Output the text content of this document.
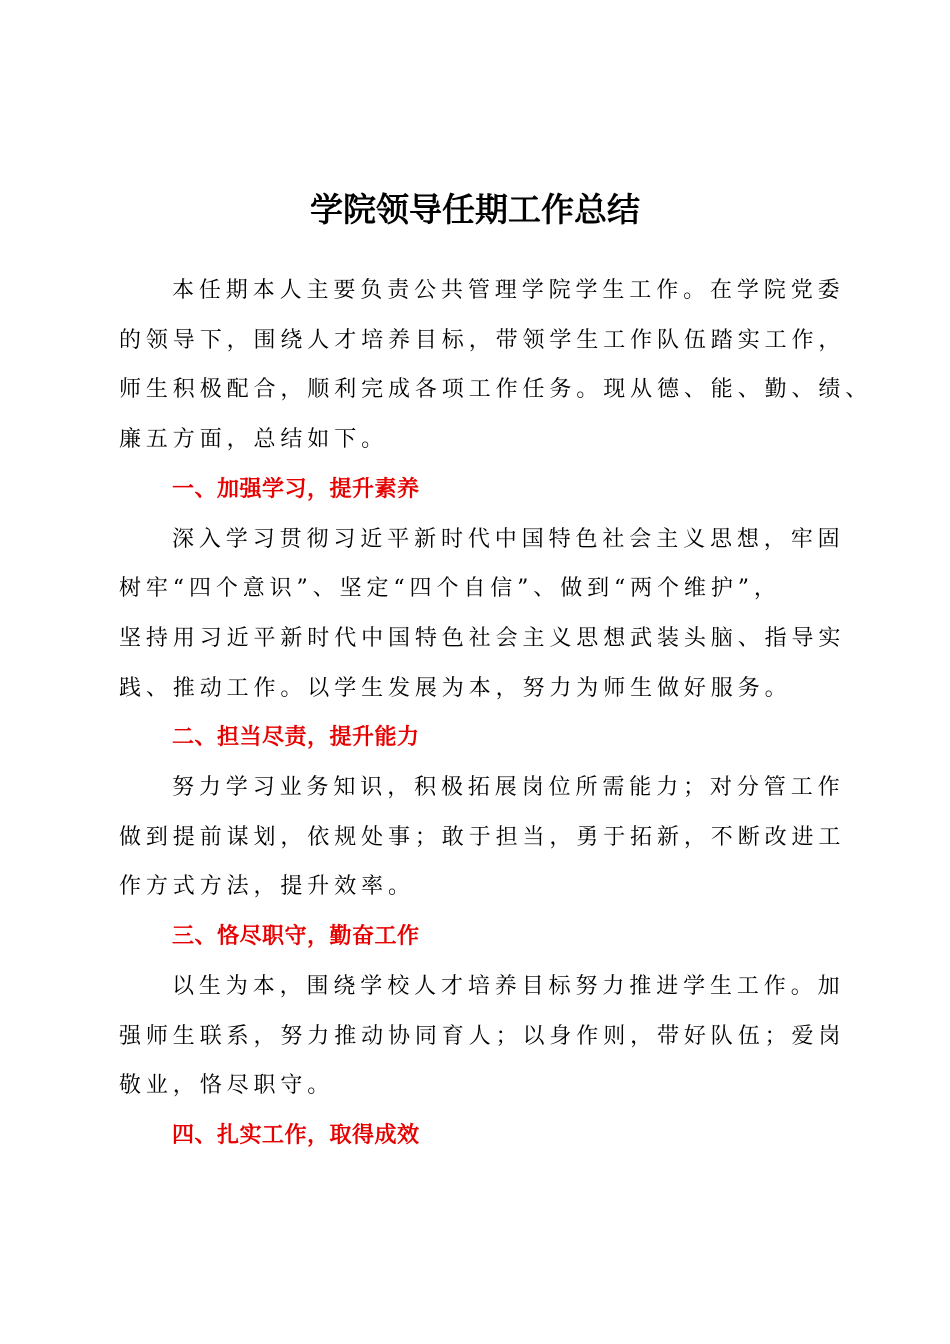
学院领导任期工作总结
本任期本人主要负责公共管理学院学生工作。在学院党委
的领导下，围绕人才培养目标，带领学生工作队伍踏实工作，
师生积极配合，顺利完成各项工作任务。现从德、能、勤、绩、
廉五方面，总结如下。
一、加强学习，提升素养
深入学习贯彻习近平新时代中国特色社会主义思想，牢固
树牢“四个意识”、坚定“四个自信”、做到“两个维护”，
坚持用习近平新时代中国特色社会主义思想武装头脑、指导实
践、推动工作。以学生发展为本，努力为师生做好服务。
二、担当尽责，提升能力
努力学习业务知识，积极拓展岗位所需能力；对分管工作
做到提前谋划，依规处事；敢于担当，勇于拓新，不断改进工
作方式方法，提升效率。
三、恪尽职守，勤奋工作
以生为本，围绕学校人才培养目标努力推进学生工作。加
强师生联系，努力推动协同育人；以身作则，带好队伍；爱岗
敬业，恪尽职守。
四、扎实工作，取得成效
